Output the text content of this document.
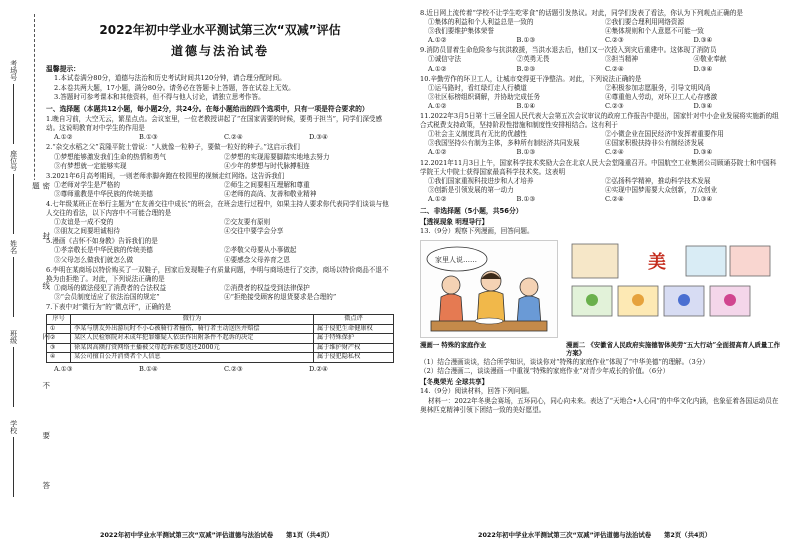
密 封 线 内 不 要 答 题
考场号
座位号
姓名
班级
学校
2022年初中学业水平测试第三次“双减”评估
道德与法治试卷
温馨提示：

1.本试卷满分80分，道德与法治和历史考试时间共120分钟，请合理分配时间。

2.本卷共两大题，17小题，满分80分。请务必在答题卡上答题，答在试卷上无效。

3.答题时可参考课本和其他资料，但不得与他人讨论，请独立思考作答。

一、选择题（本题共12小题，每小题2分，共24分。在每小题给出的四个选项中，只有一项是符合要求的）
1.晚自习前，大空无云，繁星点点。会议室里，一位老教授讲起了“在国家需要的时候，要勇于担当”，同学们深受感动。这说明教育对中学生的作用是
A.①②	B.①③	C.②④	D.③④
2.“杂交水稻之父”袁隆平院士曾说：“人就像一粒种子，要做一粒好的种子。”这启示我们
①梦想能够激发我们生命的热情和勇气	②梦想的实现需要脚踏实地地去努力
③有梦想就一定能够实现	④少年的梦想与时代脉搏相连
3.2021年6月高考期间，一则老师赤脚奔跑在校园里的视频走红网络。这告诉我们
①老师对学生是严格的	②师生之间要相互理解和尊重
③尊师重教是中华民族的传统美德	④老师的高尚、友善和敬业精神
4.七年级某班正在举行主题为“在友善交往中成长”的班会，在班会进行过程中，如果主持人要求你代表同学们谈谈与他人交往的看法，以下内容中不可能合理的是
①友谊是一成不变的	②交友要有原则
③朋友之间要坦诚相待	④交往中要学会分享
5.漫画《吉怀不如身教》告诉我们的是
①孝亲敬长是中华民族的传统美德	②孝敬父母要从小事做起
③父母怎么做我们就怎么做	④要感念父母养育之恩
6.李明在某商场以特价购买了一双鞋子，回家后发现鞋子有质量问题，李明与商场进行了交涉，商场以特价商品不退不换为由拒绝了。对此，下列说法正确的是
①商场的做法侵犯了消费者的合法权益	②消费者的权益受到法律保护
③“会员制度适应了依法治国的规定”	④“拒绝接受顾客的退货要求是合理的”
7.下表中对“微行为”的“微点评”，正确的是
序号	微行为	微点评
①	李某与朋友外出游玩时不小心被骑行者撞伤，骑行者主动送医并赔偿	属于侵犯生命健康权
②	某区人民检察院对未成年犯罪嫌疑人依法作出附条件不起诉的决定	属于特殊保护
③	徐某因高额打赏网络主播被父母起诉索要返还2000元	属于维护财产权
④	某公司擅自公开消费者个人信息	属于侵犯隐私权
A.①③	B.①④	C.②③	D.②④
8.近日网上流传着“学校不让学生吃零食”的话题引发热议。对此，同学们发表了看法，你认为下列观点正确的是
①集体的利益和个人利益总是一致的	②我们要合理利用网络资源
③我们要维护集体荣誉	④集体规则和个人意愿不可能一致
A.①②	B.①③	C.②③	D.③④
9.消防员冒着生命危险参与抗洪救援，当洪水退去后，他们又一次投入到灾后重建中。这体现了消防员
①诚信守法	②英勇无畏	③担当精神	④敬业奉献
A.①②	B.②③	C.②④	D.③④
10.辛勤劳作的环卫工人，让城市变得更干净整洁。对此，下列说法正确的是
①运马路时，看红绿灯走人行横道	②积极参加志愿服务，引导文明风尚
③社区标榜组织调解，并协助完成任务	④尊重他人劳动，对环卫工人心存感激
A.①②	B.①④	C.②③	D.③④
11.2022年3月5日第十三届全国人民代表大会第五次会议审议的政府工作报告中提出，国家针对中小企业发展将实施新的组合式税费支持政策，坚持阶段性措施和制度性安排相结合。这有利于
①社会主义制度具有无比的优越性	②小微企业在国民经济中发挥着重要作用
③我国坚持公有制为主体，多种所有制经济共同发展	④国家积极扶持非公有制经济发展
A.①②	B.①③	C.②④	D.③④
12.2021年11月3日上午，国家科学技术奖励大会在北京人民大会堂隆重召开。中国航空工业集团公司顾诵芬院士和中国科学院王大中院士获得国家最高科学技术奖。这表明
①我们国家重视科技进步和人才培养	②弘扬科学精神，推动科学技术发展
③创新是引领发展的第一动力	④实现中国梦需要大众创新，万众创业
A.①②	B.①③	C.②④	D.③④
二、非选择题（5小题，共56分）
【透视现象 明理导行】
13.（9分）观察下列漫画，回答问题。
家里人说……	美
漫画一 特殊的家庭作业	漫画二 《安徽省人民政府实施德智体美劳“五大行动”全面提高育人质量工作方案》
（1）结合漫画谈谈，结合所学知识，谈谈你对“特殊的家庭作业”体现了“中华美德”的理解。（3分）
（2）结合漫画二，谈谈漫画一中重视“特殊的家庭作业”对青少年成长的价值。（6分）
【冬奥荣光 全球共享】
14.（9分）阅读材料，回答下列问题。
材料一：2022年冬奥会赛场，五环同心，同心向未来。表达了“天地合•人心同”的中华文化内涵，也象征着各国运动员在奥林匹克精神引领下团结一致的美好愿望。
2022年初中学业水平测试第三次“双减”评估道德与法治试卷　　第1页（共4页）	2022年初中学业水平测试第三次“双减”评估道德与法治试卷　　第2页（共4页）
